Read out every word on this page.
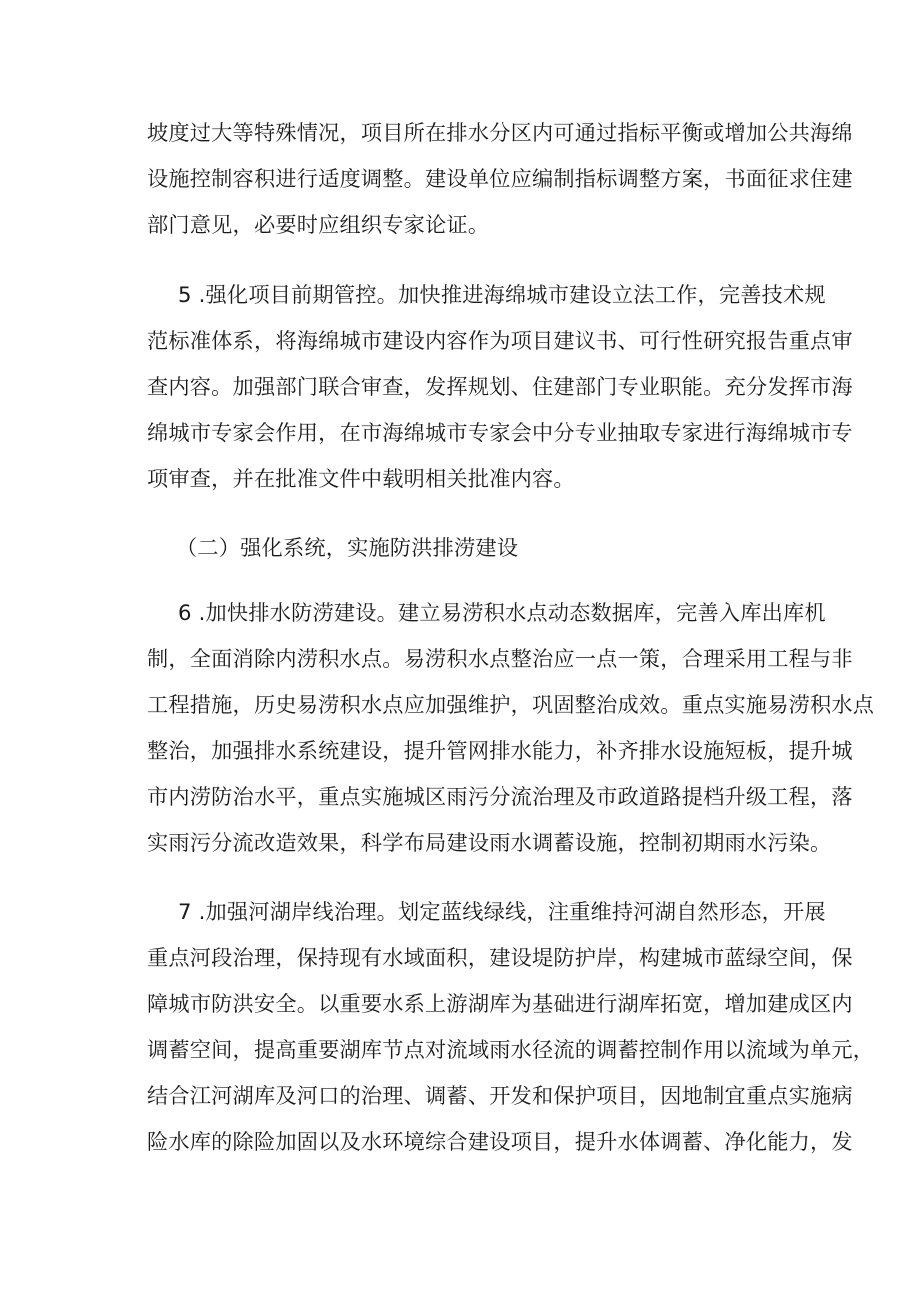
坡度过大等特殊情况，项目所在排水分区内可通过指标平衡或增加公共海绵
设施控制容积进行适度调整。建设单位应编制指标调整方案，书面征求住建
部门意见，必要时应组织专家论证。
5 .强化项目前期管控。加快推进海绵城市建设立法工作，完善技术规
范标准体系，将海绵城市建设内容作为项目建议书、可行性研究报告重点审
查内容。加强部门联合审查，发挥规划、住建部门专业职能。充分发挥市海
绵城市专家会作用，在市海绵城市专家会中分专业抽取专家进行海绵城市专
项审查，并在批准文件中载明相关批准内容。
（二）强化系统，实施防洪排涝建设
6 .加快排水防涝建设。建立易涝积水点动态数据库，完善入库出库机
制，全面消除内涝积水点。易涝积水点整治应一点一策，合理采用工程与非
工程措施，历史易涝积水点应加强维护，巩固整治成效。重点实施易涝积水点
整治，加强排水系统建设，提升管网排水能力，补齐排水设施短板，提升城
市内涝防治水平，重点实施城区雨污分流治理及市政道路提档升级工程，落
实雨污分流改造效果，科学布局建设雨水调蓄设施，控制初期雨水污染。
7 .加强河湖岸线治理。划定蓝线绿线，注重维持河湖自然形态，开展
重点河段治理，保持现有水域面积，建设堤防护岸，构建城市蓝绿空间，保
障城市防洪安全。以重要水系上游湖库为基础进行湖库拓宽，增加建成区内
调蓄空间，提高重要湖库节点对流域雨水径流的调蓄控制作用以流域为单元，
结合江河湖库及河口的治理、调蓄、开发和保护项目，因地制宜重点实施病
险水库的除险加固以及水环境综合建设项目，提升水体调蓄、净化能力，发
